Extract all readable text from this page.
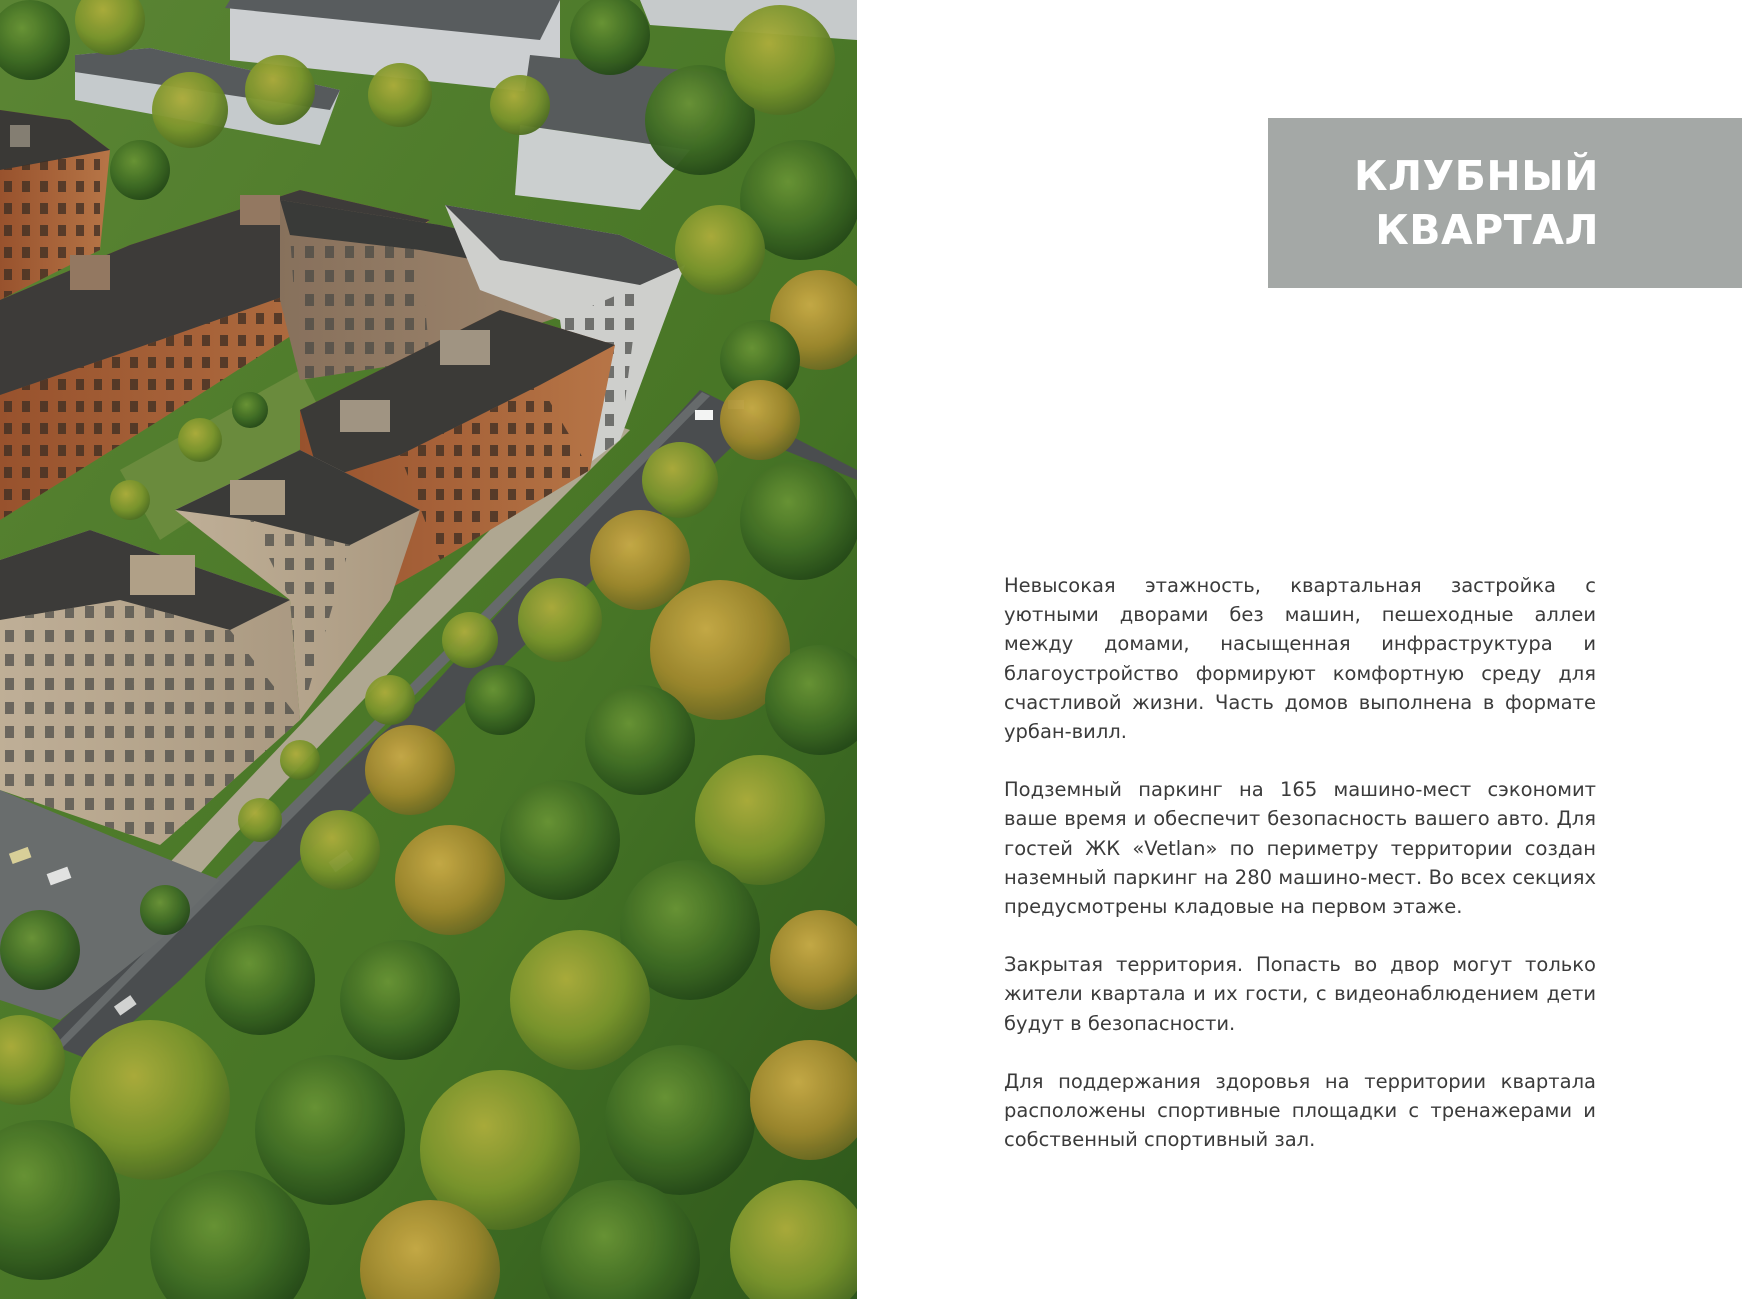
КЛУБНЫЙ
КВАРТАЛ

Невысокая этажность, квартальная застройка с уютными дворами без машин, пешеходные аллеи между домами, насыщенная инфраструктура и благоустройство формируют комфортную среду для счастливой жизни. Часть домов выполнена в формате урбан-вилл.

Подземный паркинг на 165 машино-мест сэкономит ваше время и обеспечит безопасность вашего авто. Для гостей ЖК «Vetlan» по периметру территории создан наземный паркинг на 280 машино-мест. Во всех секциях предусмотрены кладовые на первом этаже.

Закрытая территория. Попасть во двор могут только жители квартала и их гости, с видеонаблюдением дети будут в безопасности.

Для поддержания здоровья на территории квартала расположены спортивные площадки с тренажерами и собственный спортивный зал.
